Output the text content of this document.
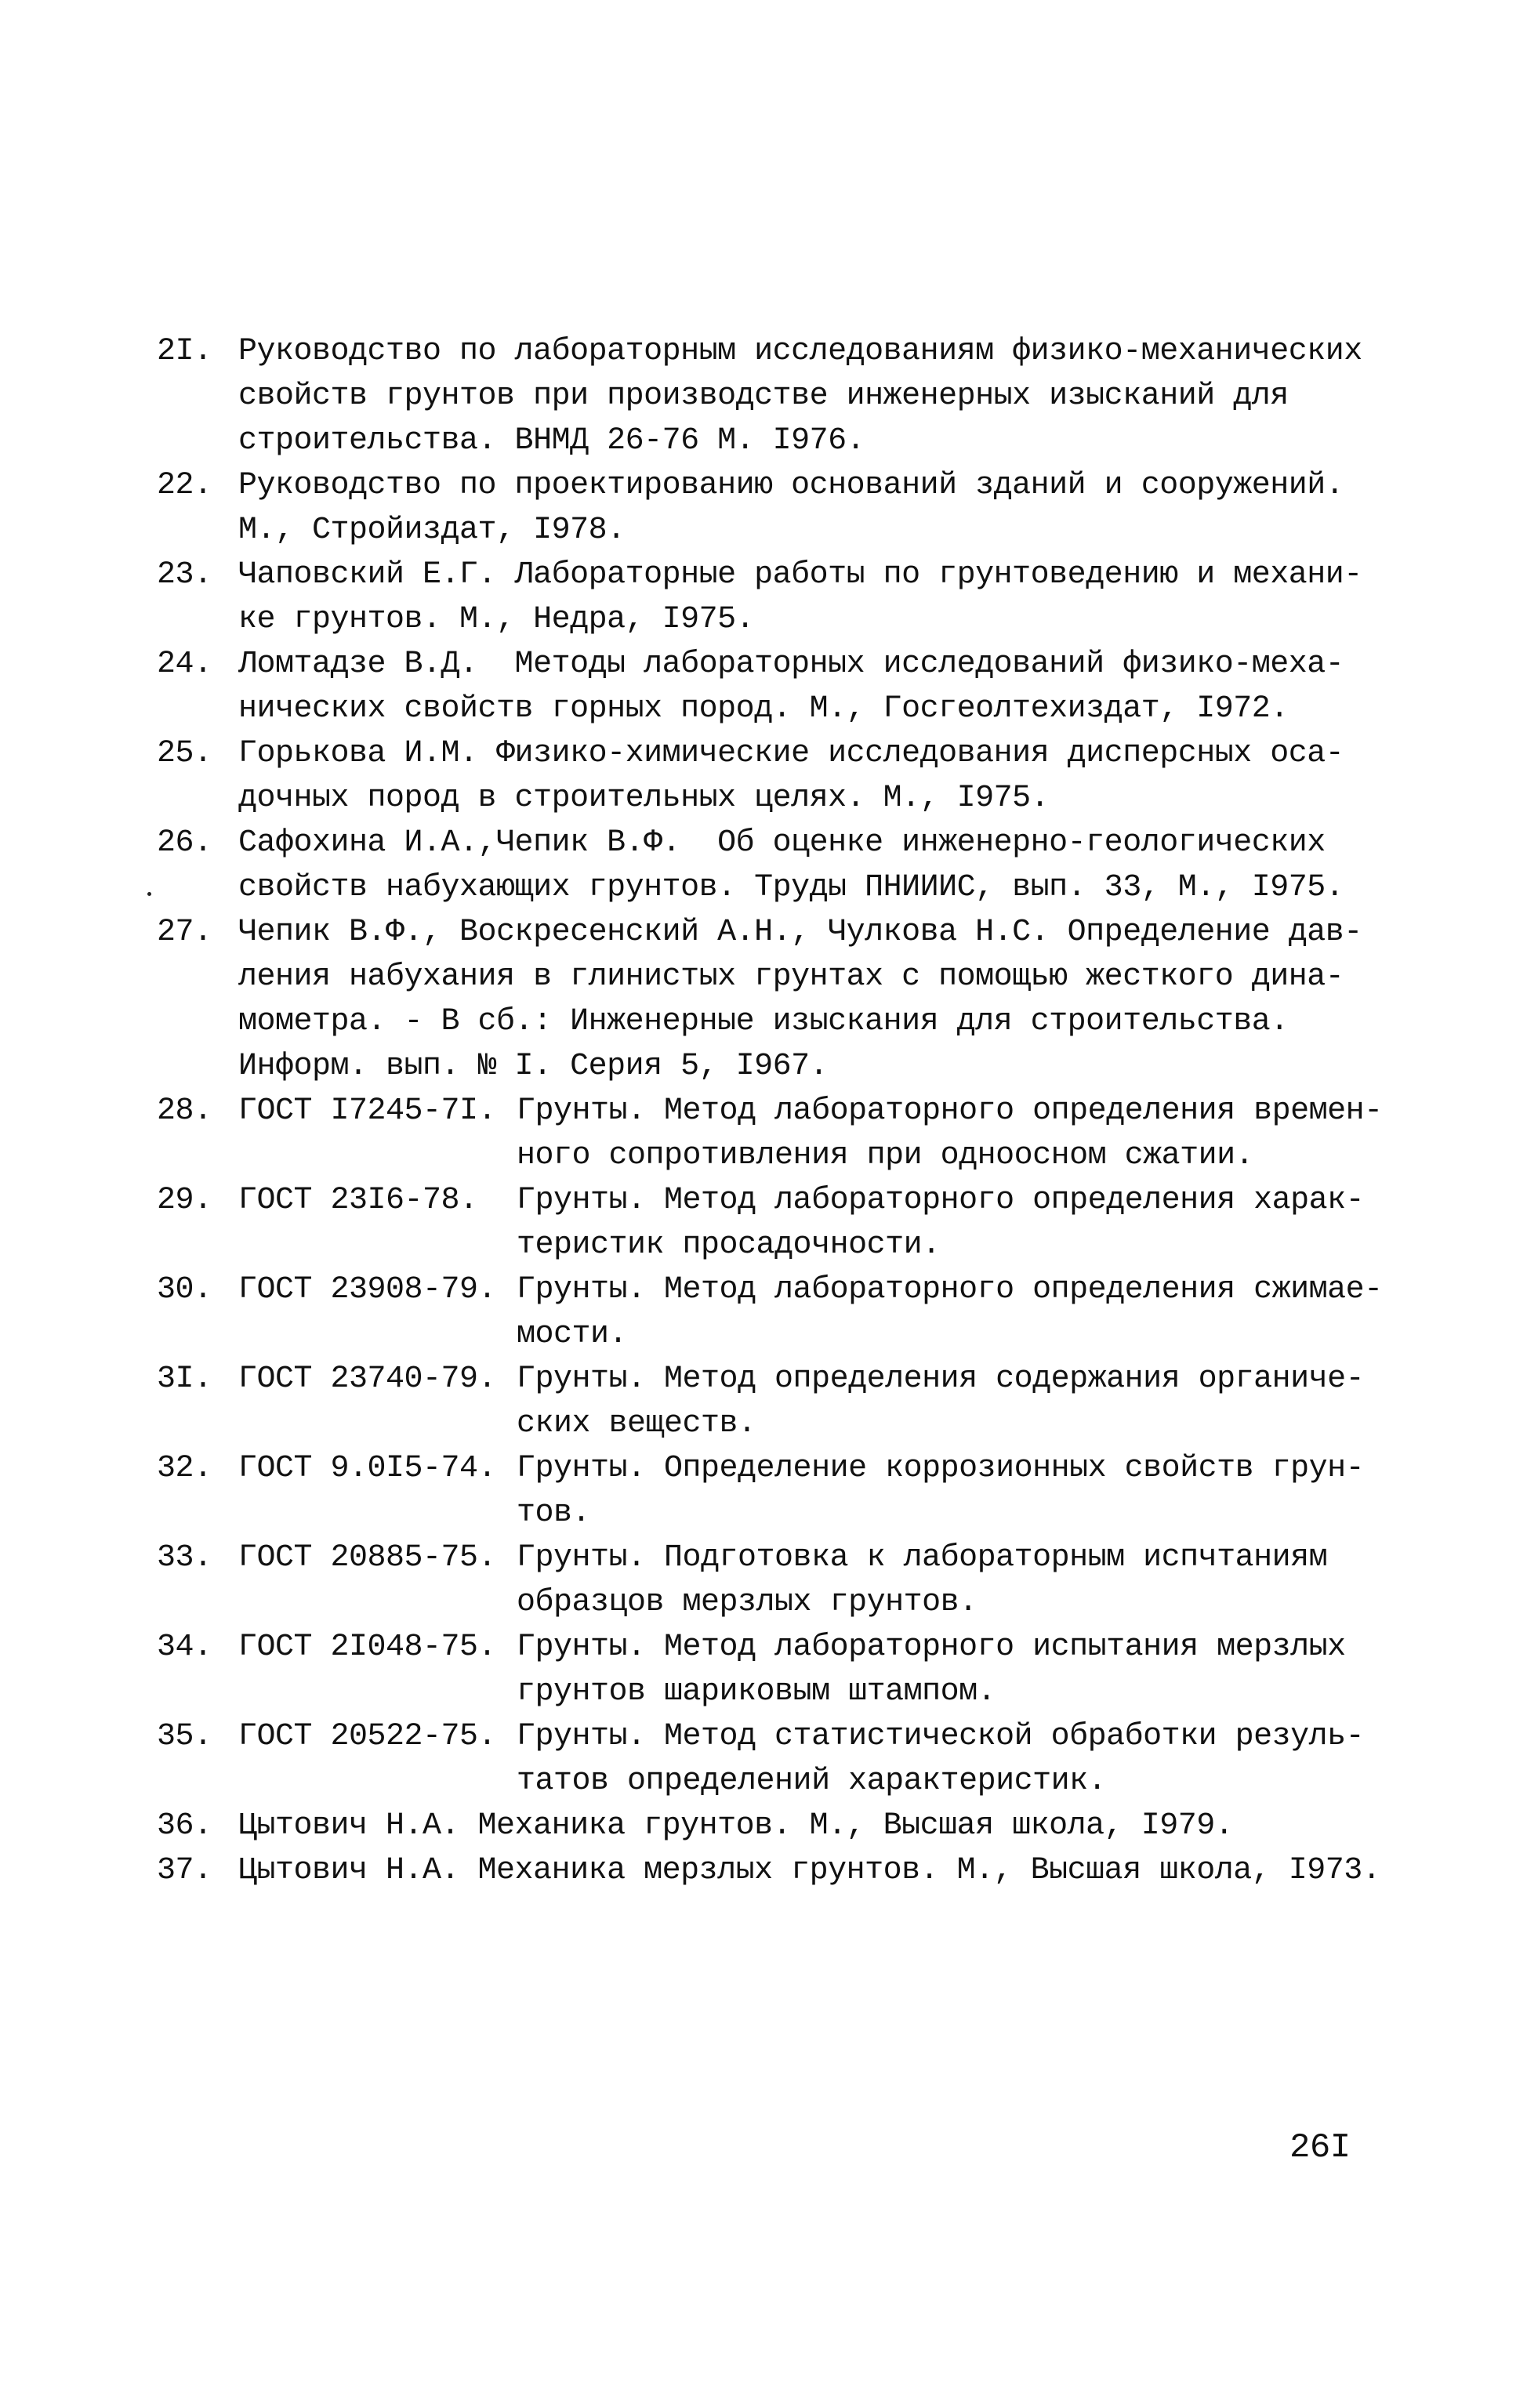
2I. Руководство по лабораторным исследованиям физико-механических
свойств грунтов при производстве инженерных изысканий для
строительства. ВНМД 26-76 М. I976.
22. Руководство по проектированию оснований зданий и сооружений.
М., Стройиздат, I978.
23. Чаповский Е.Г. Лабораторные работы по грунтоведению и механи-
ке грунтов. М., Недра, I975.
24. Ломтадзе В.Д.  Методы лабораторных исследований физико-меха-
нических свойств горных пород. М., Госгеолтехиздат, I972.
25. Горькова И.М. Физико-химические исследования дисперсных оса-
дочных пород в строительных целях. М., I975.
26. Сафохина И.А.,Чепик В.Ф.  Об оценке инженерно-геологических
свойств набухающих грунтов. Труды ПНИИИС, вып. 33, М., I975.
27. Чепик В.Ф., Воскресенский А.Н., Чулкова Н.С. Определение дав-
ления набухания в глинистых грунтах с помощью жесткого дина-
мометра. - В сб.: Инженерные изыскания для строительства.
Информ. вып. № I. Серия 5, I967.
28. ГОСТ I7245-7I. Грунты. Метод лабораторного определения времен-
ного сопротивления при одноосном сжатии.
29. ГОСТ 23I6-78. Грунты. Метод лабораторного определения харак-
теристик просадочности.
30. ГОСТ 23908-79. Грунты. Метод лабораторного определения сжимае-
мости.
3I. ГОСТ 23740-79. Грунты. Метод определения содержания органиче-
ских веществ.
32. ГОСТ 9.0I5-74. Грунты. Определение коррозионных свойств грун-
тов.
33. ГОСТ 20885-75. Грунты. Подготовка к лабораторным испчтаниям
образцов мерзлых грунтов.
34. ГОСТ 2I048-75. Грунты. Метод лабораторного испытания мерзлых
грунтов шариковым штампом.
35. ГОСТ 20522-75. Грунты. Метод статистической обработки резуль-
татов определений характеристик.
36. Цытович Н.А. Механика грунтов. М., Высшая школа, I979.
37. Цытович Н.А. Механика мерзлых грунтов. М., Высшая школа, I973.
26I
